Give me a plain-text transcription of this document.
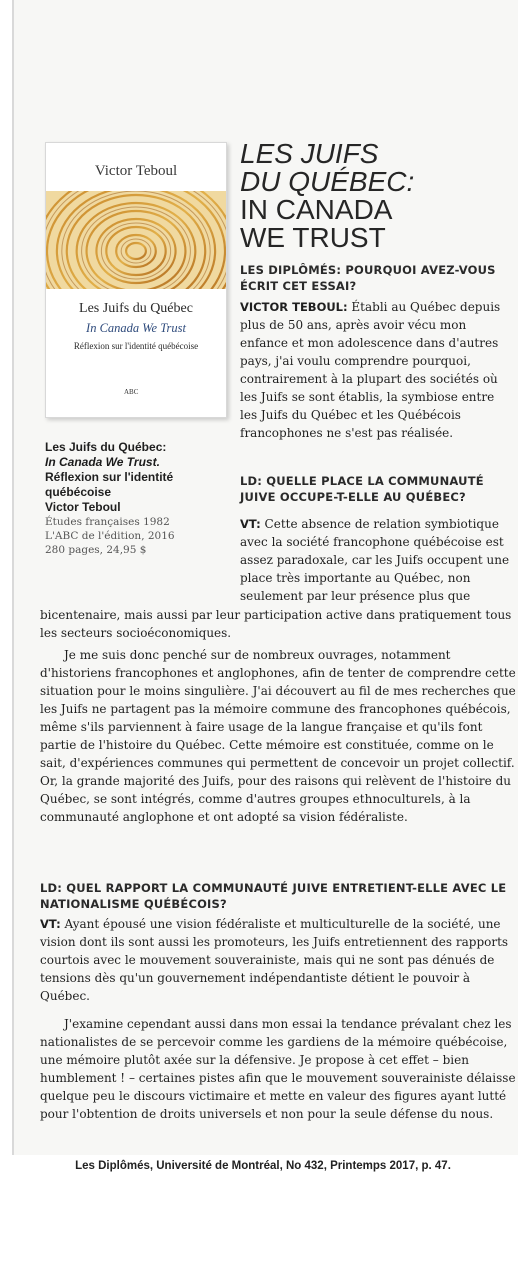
Victor Teboul
Les Juifs du Québec
In Canada We Trust
Réflexion sur l'identité québécoise
ABC
Les Juifs du Québec:
In Canada We Trust.
Réflexion sur l'identité québécoise
Victor Teboul
Études françaises 1982
L'ABC de l'édition, 2016
280 pages, 24,95 $
LES JUIFS
DU QUÉBEC:
IN CANADA
WE TRUST
LES DIPLÔMÉS: POURQUOI AVEZ-VOUS ÉCRIT CET ESSAI?
VICTOR TEBOUL: Établi au Québec depuis plus de 50 ans, après avoir vécu mon enfance et mon adolescence dans d'autres pays, j'ai voulu comprendre pourquoi, contrairement à la plupart des sociétés où les Juifs se sont établis, la symbiose entre les Juifs du Québec et les Québécois francophones ne s'est pas réalisée.
LD: QUELLE PLACE LA COMMUNAUTÉ JUIVE OCCUPE-T-ELLE AU QUÉBEC?
VT: Cette absence de relation symbiotique avec la société francophone québécoise est assez paradoxale, car les Juifs occupent une place très importante au Québec, non seulement par leur présence plus que
bicentenaire, mais aussi par leur participation active dans pratiquement tous les secteurs socioéconomiques.
Je me suis donc penché sur de nombreux ouvrages, notamment d'historiens francophones et anglophones, afin de tenter de comprendre cette situation pour le moins singulière. J'ai découvert au fil de mes recherches que les Juifs ne partagent pas la mémoire commune des francophones québécois, même s'ils parviennent à faire usage de la langue française et qu'ils font partie de l'histoire du Québec. Cette mémoire est constituée, comme on le sait, d'expériences communes qui permettent de concevoir un projet collectif. Or, la grande majorité des Juifs, pour des raisons qui relèvent de l'histoire du Québec, se sont intégrés, comme d'autres groupes ethnoculturels, à la communauté anglophone et ont adopté sa vision fédéraliste.
LD: QUEL RAPPORT LA COMMUNAUTÉ JUIVE ENTRETIENT-ELLE AVEC LE NATIONALISME QUÉBÉCOIS?
VT: Ayant épousé une vision fédéraliste et multiculturelle de la société, une vision dont ils sont aussi les promoteurs, les Juifs entretiennent des rapports courtois avec le mouvement souverainiste, mais qui ne sont pas dénués de tensions dès qu'un gouvernement indépendantiste détient le pouvoir à Québec.
J'examine cependant aussi dans mon essai la tendance prévalant chez les nationalistes de se percevoir comme les gardiens de la mémoire québécoise, une mémoire plutôt axée sur la défensive. Je propose à cet effet – bien humblement ! – certaines pistes afin que le mouvement souverainiste délaisse quelque peu le discours victimaire et mette en valeur des figures ayant lutté pour l'obtention de droits universels et non pour la seule défense du nous.
Les Diplômés, Université de Montréal, No 432, Printemps 2017, p. 47.
